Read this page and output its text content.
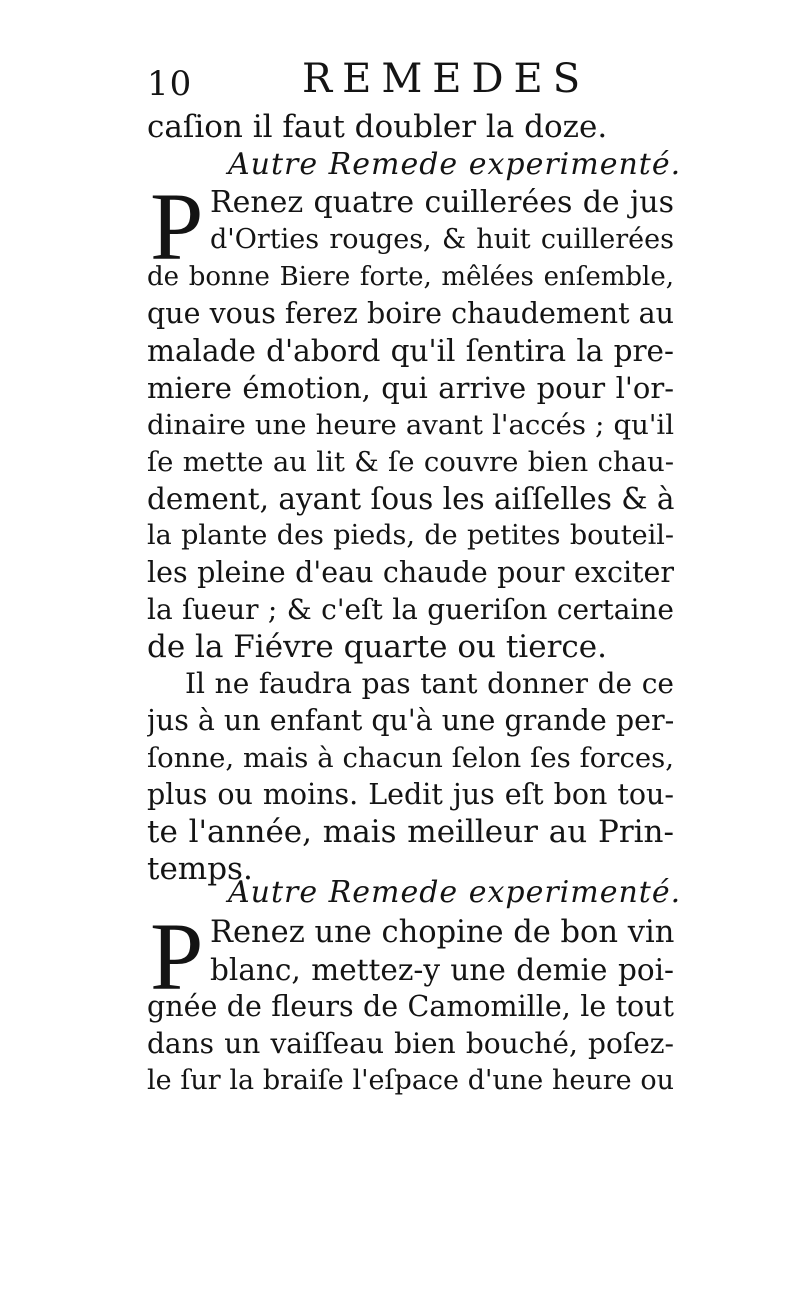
10	REMEDES
caſion il faut doubler la doze.
Autre Remede experimenté.
P Renez quatre cuillerées de jus
d'Orties rouges, & huit cuillerées
de bonne Biere forte, mêlées enſemble,
que vous ferez boire chaudement au
malade d'abord qu'il ſentira la pre-
miere émotion, qui arrive pour l'or-
dinaire une heure avant l'accés ; qu'il
ſe mette au lit & ſe couvre bien chau-
dement, ayant ſous les aiſſelles & à
la plante des pieds, de petites bouteil-
les pleine d'eau chaude pour exciter
la ſueur ; & c'eſt la gueriſon certaine
de la Fiévre quarte ou tierce.
Il ne faudra pas tant donner de ce
jus à un enfant qu'à une grande per-
ſonne, mais à chacun ſelon ſes forces,
plus ou moins. Ledit jus eſt bon tou-
te l'année, mais meilleur au Prin-
temps.
Autre Remede experimenté.
P Renez une chopine de bon vin
blanc, mettez-y une demie poi-
gnée de fleurs de Camomille, le tout
dans un vaiſſeau bien bouché, poſez-
le ſur la braiſe l'eſpace d'une heure ou
